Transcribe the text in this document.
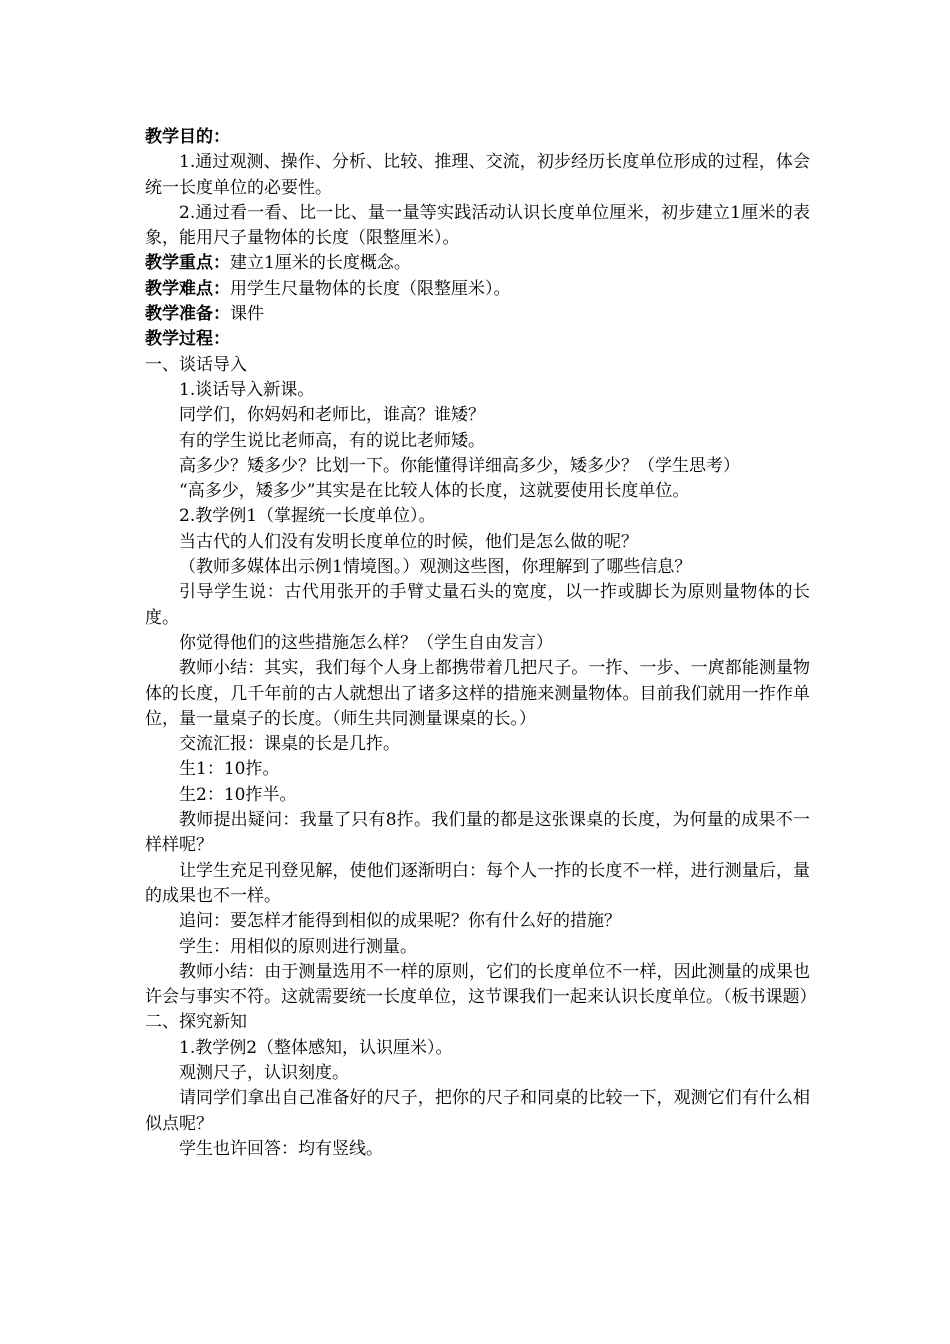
教学目的：

1.通过观测、操作、分析、比较、推理、交流，初步经历长度单位形成的过程，体会统一长度单位的必要性。

2.通过看一看、比一比、量一量等实践活动认识长度单位厘米，初步建立1厘米的表象，能用尺子量物体的长度（限整厘米）。

教学重点：建立1厘米的长度概念。

教学难点：用学生尺量物体的长度（限整厘米）。

教学准备：课件

教学过程：

一、谈话导入

1.谈话导入新课。

同学们，你妈妈和老师比，谁高？谁矮？

有的学生说比老师高，有的说比老师矮。

高多少？矮多少？比划一下。你能懂得详细高多少，矮多少？（学生思考）

“高多少，矮多少”其实是在比较人体的长度，这就要使用长度单位。

2.教学例1（掌握统一长度单位）。

当古代的人们没有发明长度单位的时候，他们是怎么做的呢？

（教师多媒体出示例1情境图。）观测这些图，你理解到了哪些信息？

引导学生说：古代用张开的手臂丈量石头的宽度，以一拃或脚长为原则量物体的长度。

你觉得他们的这些措施怎么样？（学生自由发言）

教师小结：其实，我们每个人身上都携带着几把尺子。一拃、一步、一庹都能测量物体的长度，几千年前的古人就想出了诸多这样的措施来测量物体。目前我们就用一拃作单位，量一量桌子的长度。（师生共同测量课桌的长。）

交流汇报：课桌的长是几拃。

生1：10拃。

生2：10拃半。

教师提出疑问：我量了只有8拃。我们量的都是这张课桌的长度，为何量的成果不一样样呢？

让学生充足刊登见解，使他们逐渐明白：每个人一拃的长度不一样，进行测量后，量的成果也不一样。

追问：要怎样才能得到相似的成果呢？你有什么好的措施？

学生：用相似的原则进行测量。

教师小结：由于测量选用不一样的原则，它们的长度单位不一样，因此测量的成果也许会与事实不符。这就需要统一长度单位，这节课我们一起来认识长度单位。（板书课题）

二、探究新知

1.教学例2（整体感知，认识厘米）。

观测尺子，认识刻度。

请同学们拿出自己准备好的尺子，把你的尺子和同桌的比较一下，观测它们有什么相似点呢？

学生也许回答：均有竖线。
